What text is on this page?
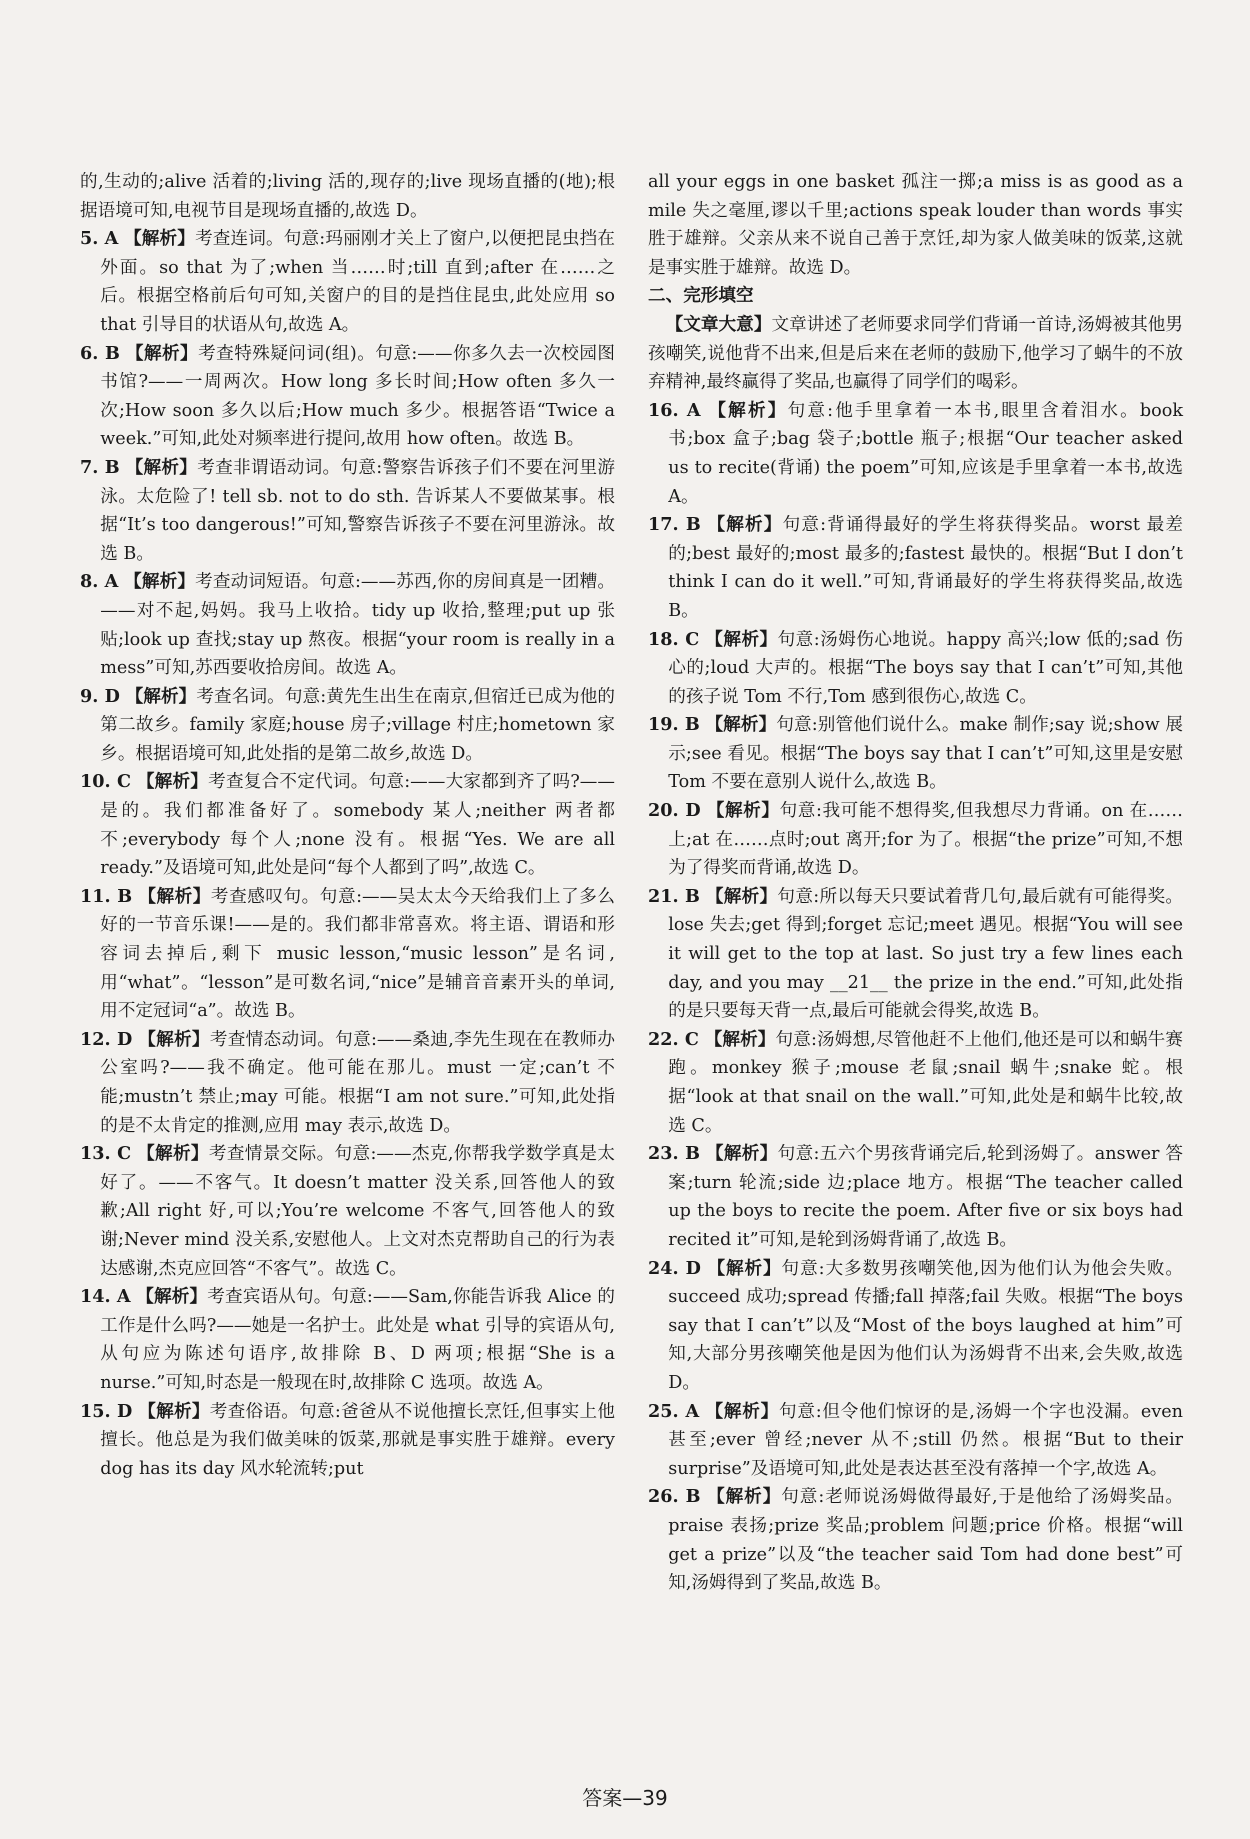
的,生动的;alive 活着的;living 活的,现存的;live 现场直播的(地);根据语境可知,电视节目是现场直播的,故选 D。

5. A 【解析】考查连词。句意:玛丽刚才关上了窗户,以便把昆虫挡在外面。so that 为了;when 当……时;till 直到;after 在……之后。根据空格前后句可知,关窗户的目的是挡住昆虫,此处应用 so that 引导目的状语从句,故选 A。

6. B 【解析】考查特殊疑问词(组)。句意:——你多久去一次校园图书馆?——一周两次。How long 多长时间;How often 多久一次;How soon 多久以后;How much 多少。根据答语“Twice a week.”可知,此处对频率进行提问,故用 how often。故选 B。

7. B 【解析】考查非谓语动词。句意:警察告诉孩子们不要在河里游泳。太危险了! tell sb. not to do sth. 告诉某人不要做某事。根据“It’s too dangerous!”可知,警察告诉孩子不要在河里游泳。故选 B。

8. A 【解析】考查动词短语。句意:——苏西,你的房间真是一团糟。——对不起,妈妈。我马上收拾。tidy up 收拾,整理;put up 张贴;look up 查找;stay up 熬夜。根据“your room is really in a mess”可知,苏西要收拾房间。故选 A。

9. D 【解析】考查名词。句意:黄先生出生在南京,但宿迁已成为他的第二故乡。family 家庭;house 房子;village 村庄;hometown 家乡。根据语境可知,此处指的是第二故乡,故选 D。

10. C 【解析】考查复合不定代词。句意:——大家都到齐了吗?——是的。我们都准备好了。somebody 某人;neither 两者都不;everybody 每个人;none 没有。根据“Yes. We are all ready.”及语境可知,此处是问“每个人都到了吗”,故选 C。

11. B 【解析】考查感叹句。句意:——吴太太今天给我们上了多么好的一节音乐课!——是的。我们都非常喜欢。将主语、谓语和形容词去掉后,剩下 music lesson,“music lesson”是名词,用“what”。“lesson”是可数名词,“nice”是辅音音素开头的单词,用不定冠词“a”。故选 B。

12. D 【解析】考查情态动词。句意:——桑迪,李先生现在在教师办公室吗?——我不确定。他可能在那儿。must 一定;can’t 不能;mustn’t 禁止;may 可能。根据“I am not sure.”可知,此处指的是不太肯定的推测,应用 may 表示,故选 D。

13. C 【解析】考查情景交际。句意:——杰克,你帮我学数学真是太好了。——不客气。It doesn’t matter 没关系,回答他人的致歉;All right 好,可以;You’re welcome 不客气,回答他人的致谢;Never mind 没关系,安慰他人。上文对杰克帮助自己的行为表达感谢,杰克应回答“不客气”。故选 C。

14. A 【解析】考查宾语从句。句意:——Sam,你能告诉我 Alice 的工作是什么吗?——她是一名护士。此处是 what 引导的宾语从句,从句应为陈述句语序,故排除 B、D 两项;根据“She is a nurse.”可知,时态是一般现在时,故排除 C 选项。故选 A。

15. D 【解析】考查俗语。句意:爸爸从不说他擅长烹饪,但事实上他擅长。他总是为我们做美味的饭菜,那就是事实胜于雄辩。every dog has its day 风水轮流转;put

all your eggs in one basket 孤注一掷;a miss is as good as a mile 失之毫厘,谬以千里;actions speak louder than words 事实胜于雄辩。父亲从来不说自己善于烹饪,却为家人做美味的饭菜,这就是事实胜于雄辩。故选 D。

二、完形填空

【文章大意】文章讲述了老师要求同学们背诵一首诗,汤姆被其他男孩嘲笑,说他背不出来,但是后来在老师的鼓励下,他学习了蜗牛的不放弃精神,最终赢得了奖品,也赢得了同学们的喝彩。

16. A 【解析】句意:他手里拿着一本书,眼里含着泪水。book 书;box 盒子;bag 袋子;bottle 瓶子;根据“Our teacher asked us to recite(背诵) the poem”可知,应该是手里拿着一本书,故选 A。

17. B 【解析】句意:背诵得最好的学生将获得奖品。worst 最差的;best 最好的;most 最多的;fastest 最快的。根据“But I don’t think I can do it well.”可知,背诵最好的学生将获得奖品,故选 B。

18. C 【解析】句意:汤姆伤心地说。happy 高兴;low 低的;sad 伤心的;loud 大声的。根据“The boys say that I can’t”可知,其他的孩子说 Tom 不行,Tom 感到很伤心,故选 C。

19. B 【解析】句意:别管他们说什么。make 制作;say 说;show 展示;see 看见。根据“The boys say that I can’t”可知,这里是安慰 Tom 不要在意别人说什么,故选 B。

20. D 【解析】句意:我可能不想得奖,但我想尽力背诵。on 在……上;at 在……点时;out 离开;for 为了。根据“the prize”可知,不想为了得奖而背诵,故选 D。

21. B 【解析】句意:所以每天只要试着背几句,最后就有可能得奖。lose 失去;get 得到;forget 忘记;meet 遇见。根据“You will see it will get to the top at last. So just try a few lines each day, and you may __21__ the prize in the end.”可知,此处指的是只要每天背一点,最后可能就会得奖,故选 B。

22. C 【解析】句意:汤姆想,尽管他赶不上他们,他还是可以和蜗牛赛跑。monkey 猴子;mouse 老鼠;snail 蜗牛;snake 蛇。根据“look at that snail on the wall.”可知,此处是和蜗牛比较,故选 C。

23. B 【解析】句意:五六个男孩背诵完后,轮到汤姆了。answer 答案;turn 轮流;side 边;place 地方。根据“The teacher called up the boys to recite the poem. After five or six boys had recited it”可知,是轮到汤姆背诵了,故选 B。

24. D 【解析】句意:大多数男孩嘲笑他,因为他们认为他会失败。succeed 成功;spread 传播;fall 掉落;fail 失败。根据“The boys say that I can’t”以及“Most of the boys laughed at him”可知,大部分男孩嘲笑他是因为他们认为汤姆背不出来,会失败,故选 D。

25. A 【解析】句意:但令他们惊讶的是,汤姆一个字也没漏。even 甚至;ever 曾经;never 从不;still 仍然。根据“But to their surprise”及语境可知,此处是表达甚至没有落掉一个字,故选 A。

26. B 【解析】句意:老师说汤姆做得最好,于是他给了汤姆奖品。praise 表扬;prize 奖品;problem 问题;price 价格。根据“will get a prize”以及“the teacher said Tom had done best”可知,汤姆得到了奖品,故选 B。

答案—39
